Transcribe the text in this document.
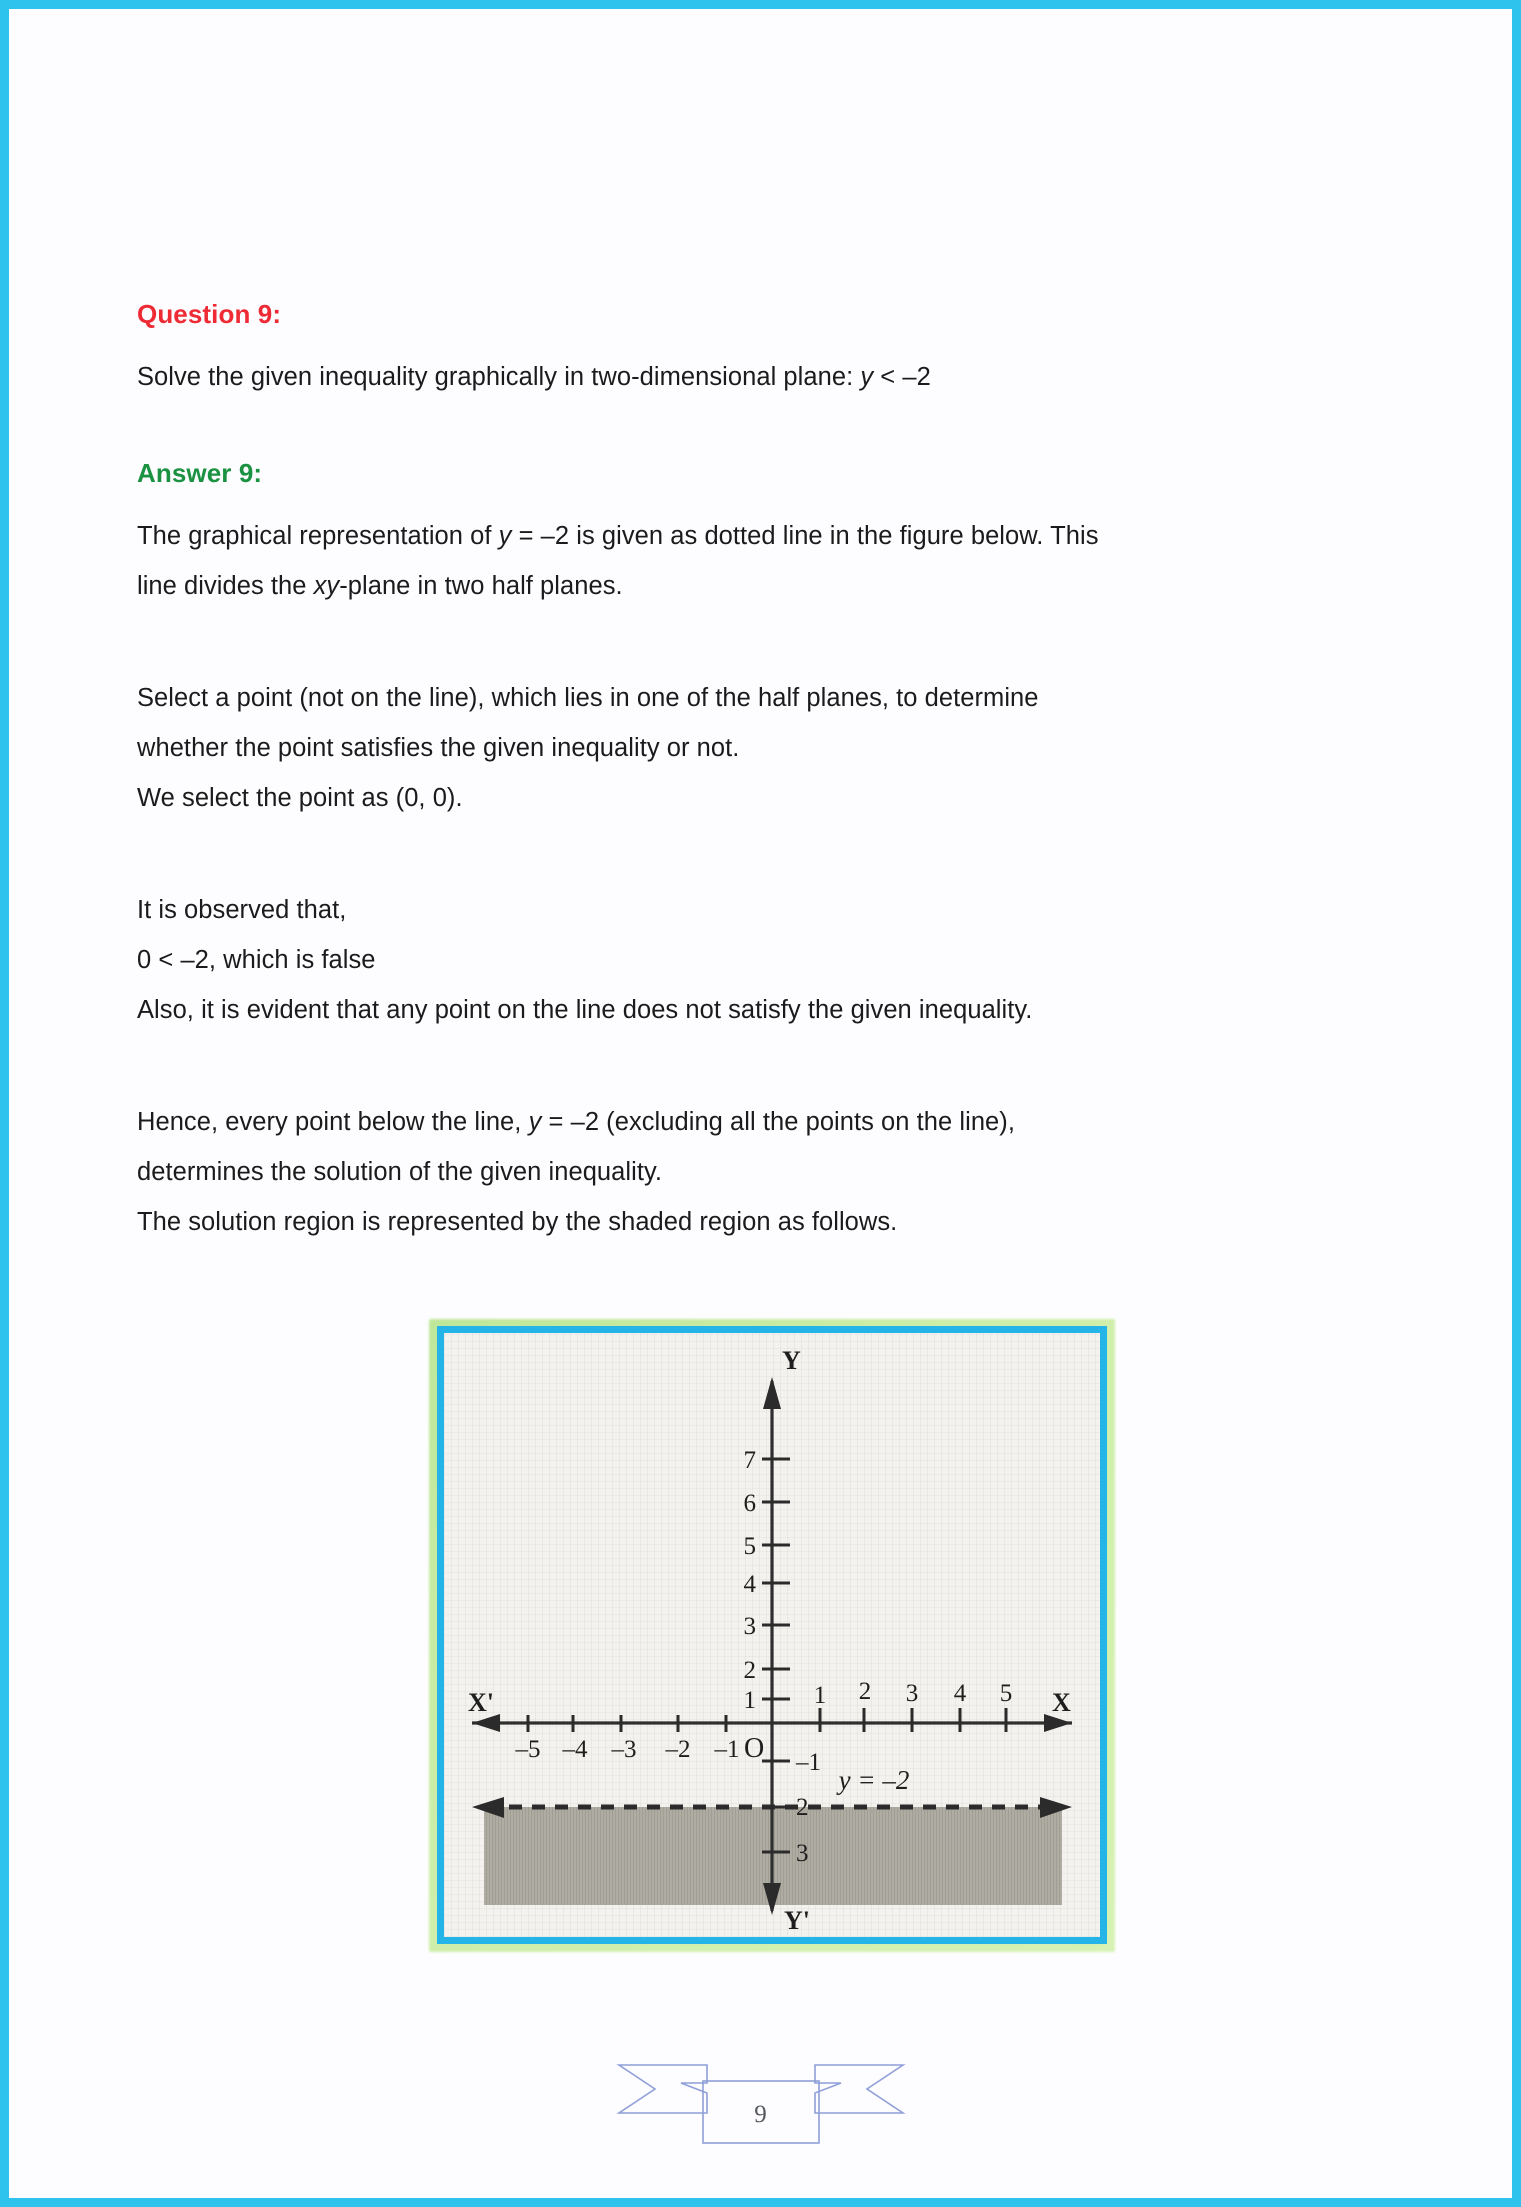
Question 9:

Solve the given inequality graphically in two-dimensional plane: y < –2

Answer 9:

The graphical representation of y = –2 is given as dotted line in the figure below. This

line divides the xy-plane in two half planes.

Select a point (not on the line), which lies in one of the half planes, to determine

whether the point satisfies the given inequality or not.

We select the point as (0, 0).

It is observed that,

0 < –2, which is false

Also, it is evident that any point on the line does not satisfy the given inequality.

Hence, every point below the line, y = –2 (excluding all the points on the line),

determines the solution of the given inequality.

The solution region is represented by the shaded region as follows.

Y
Y'
X
X'
O
–5 –4 –3 –2 –1
1 2 3 4 5
7
6
5
4
3
2
1
–1
2
3
y = –2
9
